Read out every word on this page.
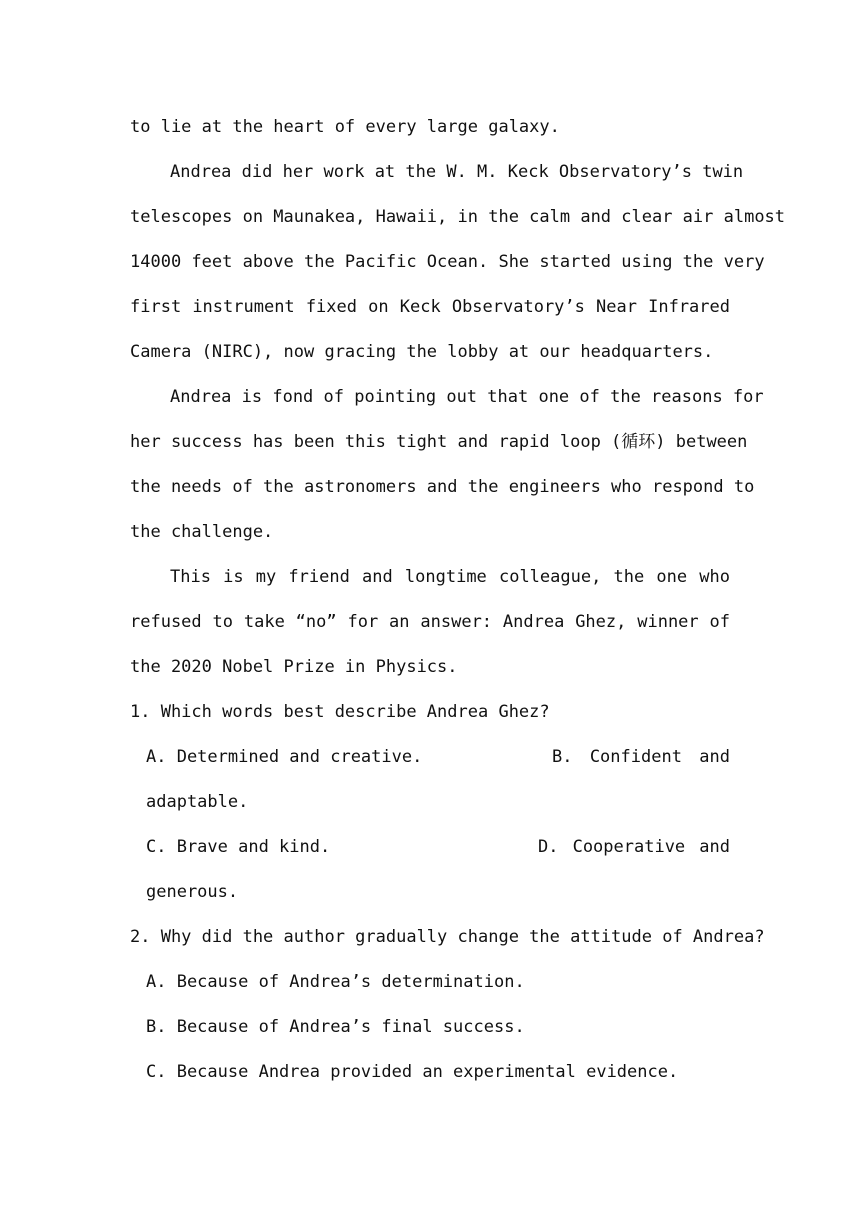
to lie at the heart of every large galaxy.
Andrea did her work at the W. M. Keck Observatory’s twin
telescopes on Maunakea, Hawaii, in the calm and clear air almost
14000 feet above the Pacific Ocean. She started using the very
first instrument fixed on Keck Observatory’s Near Infrared
Camera (NIRC), now gracing the lobby at our headquarters.
Andrea is fond of pointing out that one of the reasons for
her success has been this tight and rapid loop (循环) between
the needs of the astronomers and the engineers who respond to
the challenge.
This is my friend and longtime colleague, the one who
refused to take “no” for an answer: Andrea Ghez, winner of
the 2020 Nobel Prize in Physics.
1. Which words best describe Andrea Ghez?
A. Determined and creative.	B. Confident and
adaptable.
C. Brave and kind.	D. Cooperative and
generous.
2. Why did the author gradually change the attitude of Andrea?
A. Because of Andrea’s determination.
B. Because of Andrea’s final success.
C. Because Andrea provided an experimental evidence.
